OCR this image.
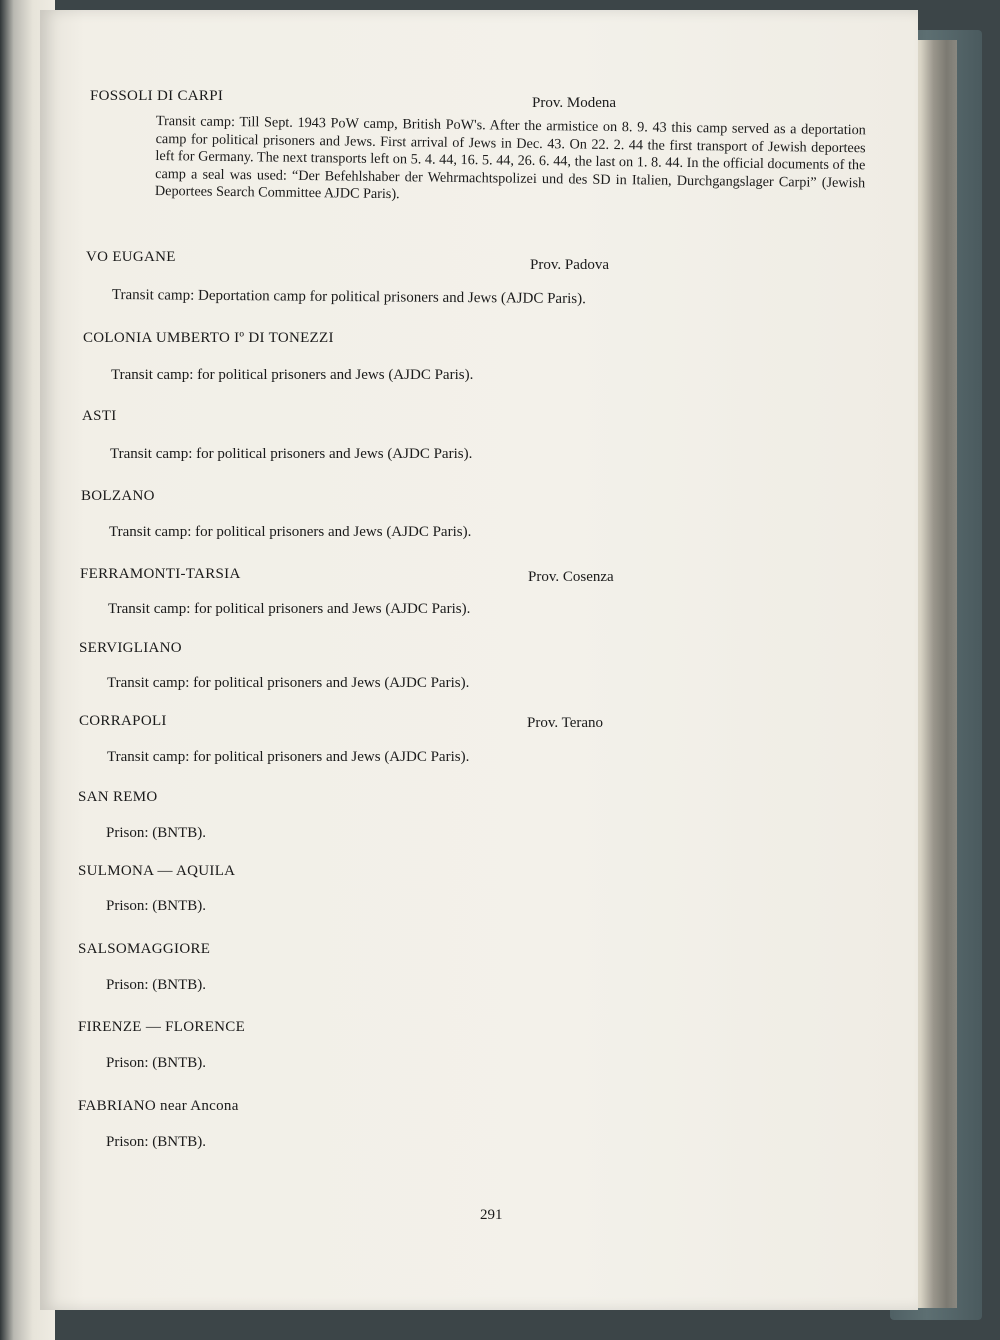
FOSSOLI DI CARPI	Prov. Modena
Transit camp: Till Sept. 1943 PoW camp, British PoW's. After the armistice on 8. 9. 43 this camp served as a deportation camp for political prisoners and Jews. First arrival of Jews in Dec. 43. On 22. 2. 44 the first transport of Jewish deportees left for Germany. The next transports left on 5. 4. 44, 16. 5. 44, 26. 6. 44, the last on 1. 8. 44. In the official documents of the camp a seal was used: “Der Befehlshaber der Wehrmachtspolizei und des SD in Italien, Durchgangslager Carpi” (Jewish Deportees Search Committee AJDC Paris).
VO EUGANE	Prov. Padova
Transit camp: Deportation camp for political prisoners and Jews (AJDC Paris).
COLONIA UMBERTO Iº DI TONEZZI
Transit camp: for political prisoners and Jews (AJDC Paris).
ASTI
Transit camp: for political prisoners and Jews (AJDC Paris).
BOLZANO
Transit camp: for political prisoners and Jews (AJDC Paris).
FERRAMONTI-TARSIA	Prov. Cosenza
Transit camp: for political prisoners and Jews (AJDC Paris).
SERVIGLIANO
Transit camp: for political prisoners and Jews (AJDC Paris).
CORRAPOLI	Prov. Terano
Transit camp: for political prisoners and Jews (AJDC Paris).
SAN REMO
Prison: (BNTB).
SULMONA — AQUILA
Prison: (BNTB).
SALSOMAGGIORE
Prison: (BNTB).
FIRENZE — FLORENCE
Prison: (BNTB).
FABRIANO near Ancona
Prison: (BNTB).
291
